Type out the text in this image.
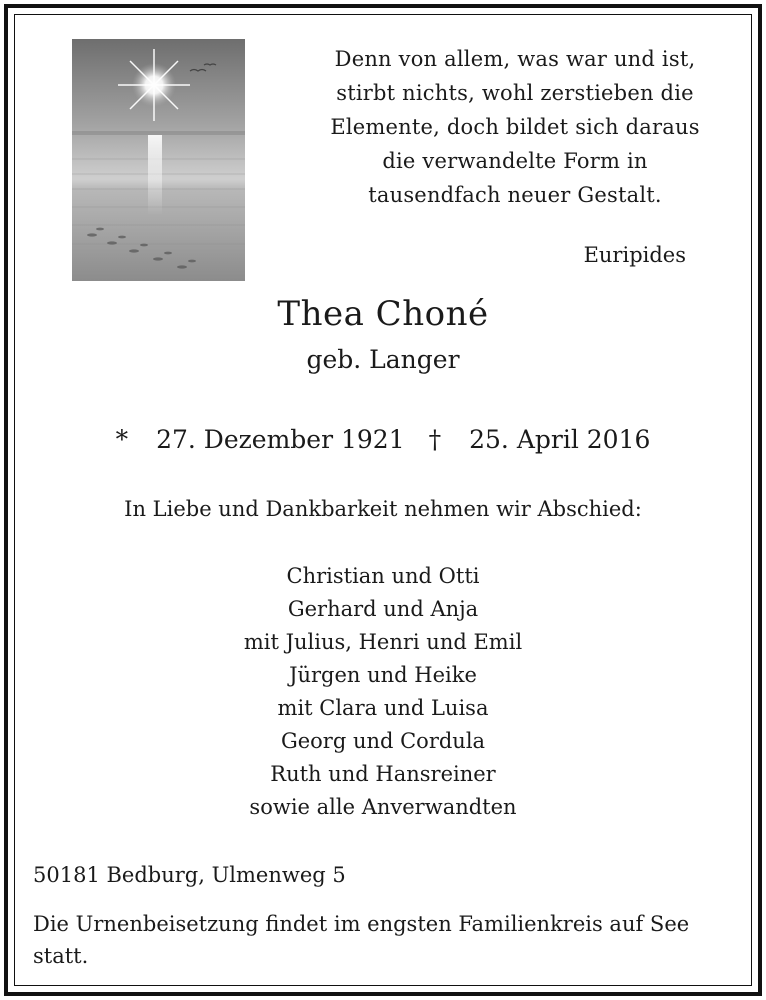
Denn von allem, was war und ist,
stirbt nichts, wohl zerstieben die
Elemente, doch bildet sich daraus
die verwandelte Form in
tausendfach neuer Gestalt.
Euripides
Thea Choné
geb. Langer
* 27. Dezember 1921 † 25. April 2016
In Liebe und Dankbarkeit nehmen wir Abschied:
Christian und Otti
Gerhard und Anja
mit Julius, Henri und Emil
Jürgen und Heike
mit Clara und Luisa
Georg und Cordula
Ruth und Hansreiner
sowie alle Anverwandten
50181 Bedburg, Ulmenweg 5
Die Urnenbeisetzung findet im engsten Familienkreis auf See statt.
